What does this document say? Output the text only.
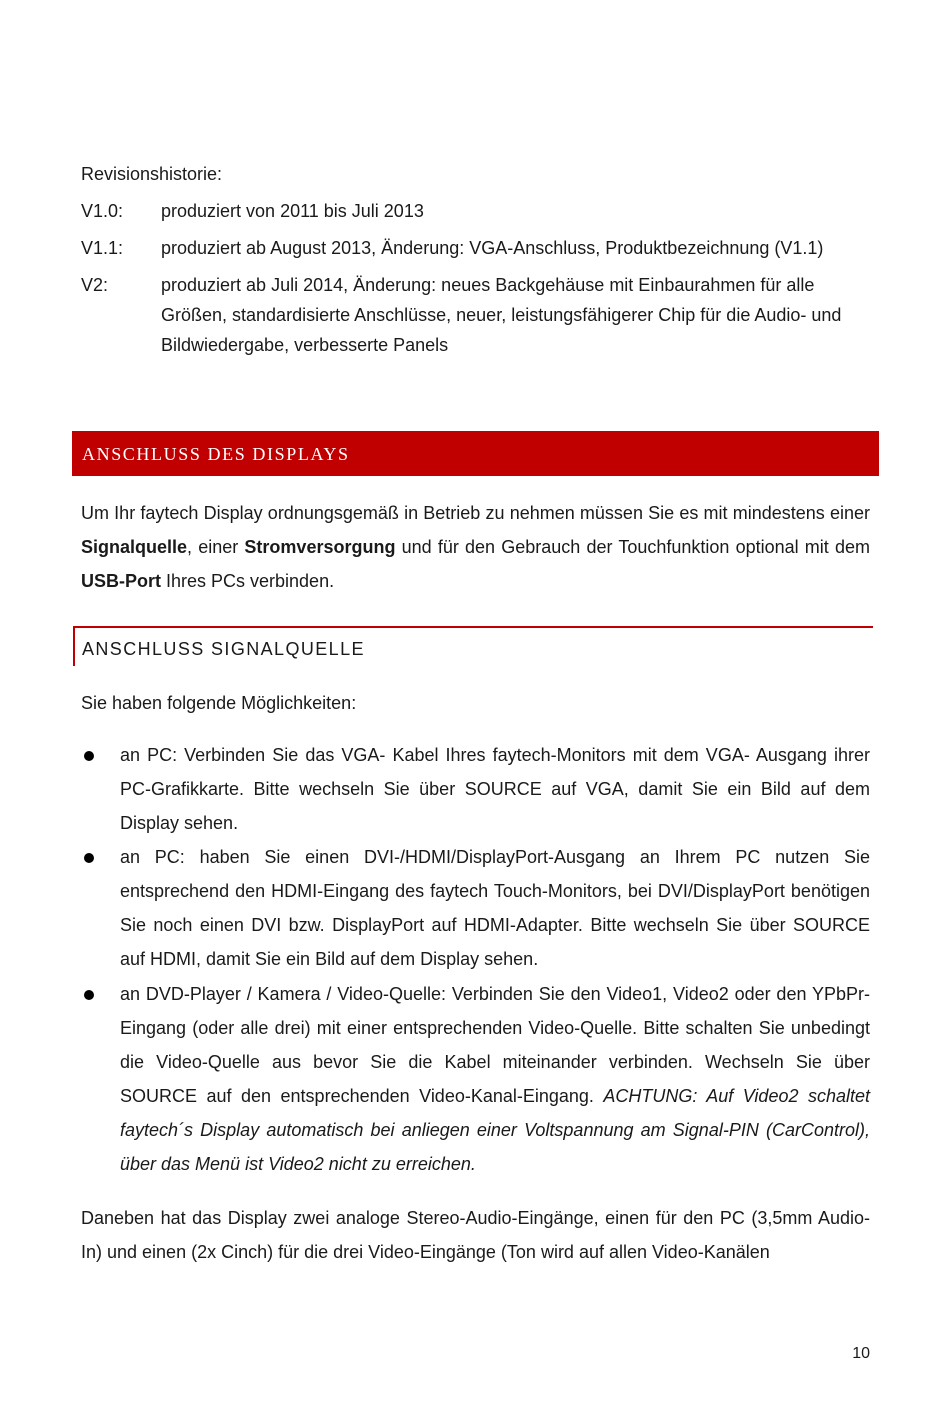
Revisionshistorie:
V1.0:	produziert von 2011 bis Juli 2013
V1.1:	produziert ab August 2013, Änderung: VGA-Anschluss, Produktbezeichnung (V1.1)
V2:	produziert ab Juli 2014, Änderung: neues Backgehäuse mit Einbaurahmen für alle Größen, standardisierte Anschlüsse, neuer, leistungsfähigerer Chip für die Audio- und Bildwiedergabe, verbesserte Panels
ANSCHLUSS DES DISPLAYS
Um Ihr faytech Display ordnungsgemäß in Betrieb zu nehmen müssen Sie es mit mindestens einer Signalquelle, einer Stromversorgung und für den Gebrauch der Touchfunktion optional mit dem USB-Port Ihres PCs verbinden.
ANSCHLUSS SIGNALQUELLE
Sie haben folgende Möglichkeiten:
an PC: Verbinden Sie das VGA- Kabel Ihres faytech-Monitors mit dem VGA- Ausgang ihrer PC-Grafikkarte. Bitte wechseln Sie über SOURCE auf VGA, damit Sie ein Bild auf dem Display sehen.
an PC: haben Sie einen DVI-/HDMI/DisplayPort-Ausgang an Ihrem PC nutzen Sie entsprechend den HDMI-Eingang des faytech Touch-Monitors, bei DVI/DisplayPort benötigen Sie noch einen DVI bzw. DisplayPort auf HDMI-Adapter. Bitte wechseln Sie über SOURCE auf HDMI, damit Sie ein Bild auf dem Display sehen.
an DVD-Player / Kamera / Video-Quelle: Verbinden Sie den Video1, Video2 oder den YPbPr-Eingang (oder alle drei) mit einer entsprechenden Video-Quelle. Bitte schalten Sie unbedingt die Video-Quelle aus bevor Sie die Kabel miteinander verbinden. Wechseln Sie über SOURCE auf den entsprechenden Video-Kanal-Eingang. ACHTUNG: Auf Video2 schaltet faytech´s Display automatisch bei anliegen einer Voltspannung am Signal-PIN (CarControl), über das Menü ist Video2 nicht zu erreichen.
Daneben hat das Display zwei analoge Stereo-Audio-Eingänge, einen für den PC (3,5mm Audio-In) und einen (2x Cinch) für die drei Video-Eingänge (Ton wird auf allen Video-Kanälen
10
